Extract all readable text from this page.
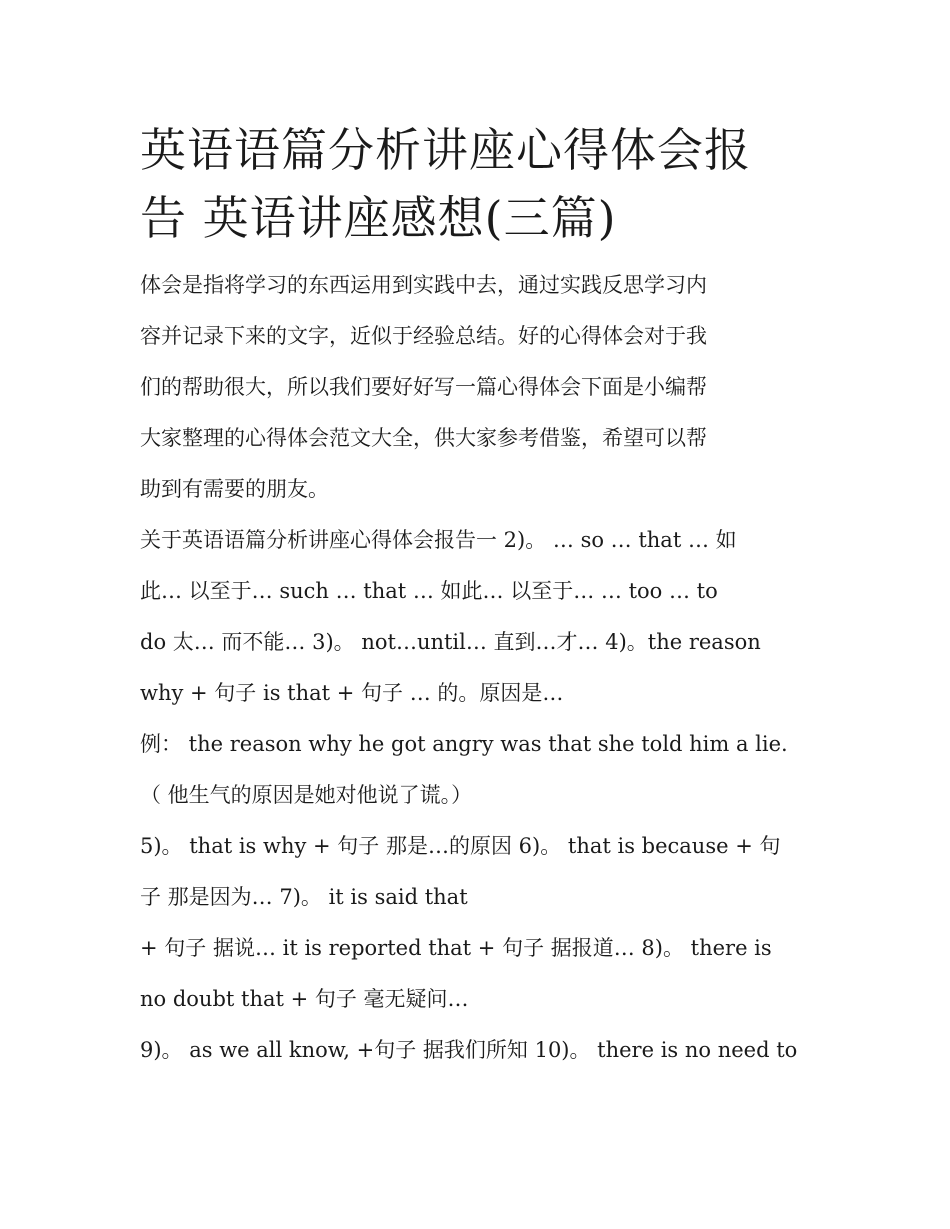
英语语篇分析讲座心得体会报
告 英语讲座感想(三篇)
体会是指将学习的东西运用到实践中去，通过实践反思学习内
容并记录下来的文字，近似于经验总结。好的心得体会对于我
们的帮助很大，所以我们要好好写一篇心得体会下面是小编帮
大家整理的心得体会范文大全，供大家参考借鉴，希望可以帮
助到有需要的朋友。
关于英语语篇分析讲座心得体会报告一 2)。 … so … that … 如
此… 以至于… such … that … 如此… 以至于… … too … to
do 太… 而不能… 3)。 not…until… 直到…才… 4)。the reason
why + 句子 is that + 句子 … 的。原因是…
例： the reason why he got angry was that she told him a lie.
（ 他生气的原因是她对他说了谎。）
5)。 that is why + 句子 那是…的原因 6)。 that is because + 句
子 那是因为… 7)。 it is said that
+ 句子 据说… it is reported that + 句子 据报道… 8)。 there is
no doubt that + 句子 毫无疑问…
9)。 as we all know, +句子 据我们所知 10)。 there is no need to
